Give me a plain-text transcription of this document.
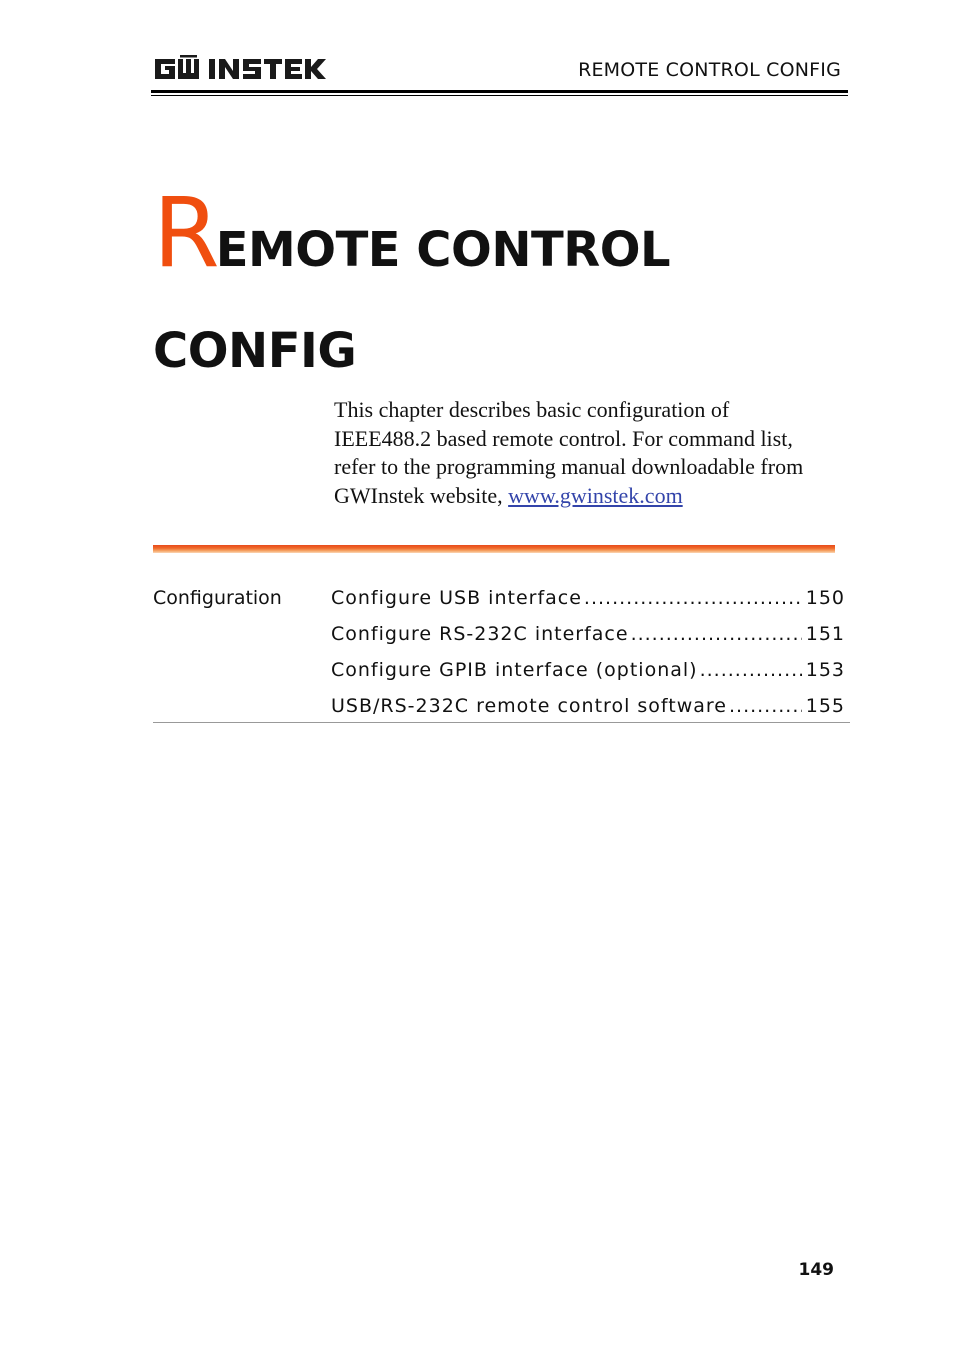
REMOTE CONTROL CONFIG
REMOTE CONTROL
CONFIG
This chapter describes basic configuration of IEEE488.2 based remote control. For command list, refer to the programming manual downloadable from GWInstek website, www.gwinstek.com
Configuration	Configure USB interface .....	150
Configure RS-232C interface .....	151
Configure GPIB interface (optional) .....	153
USB/RS-232C remote control software .....	155
149
